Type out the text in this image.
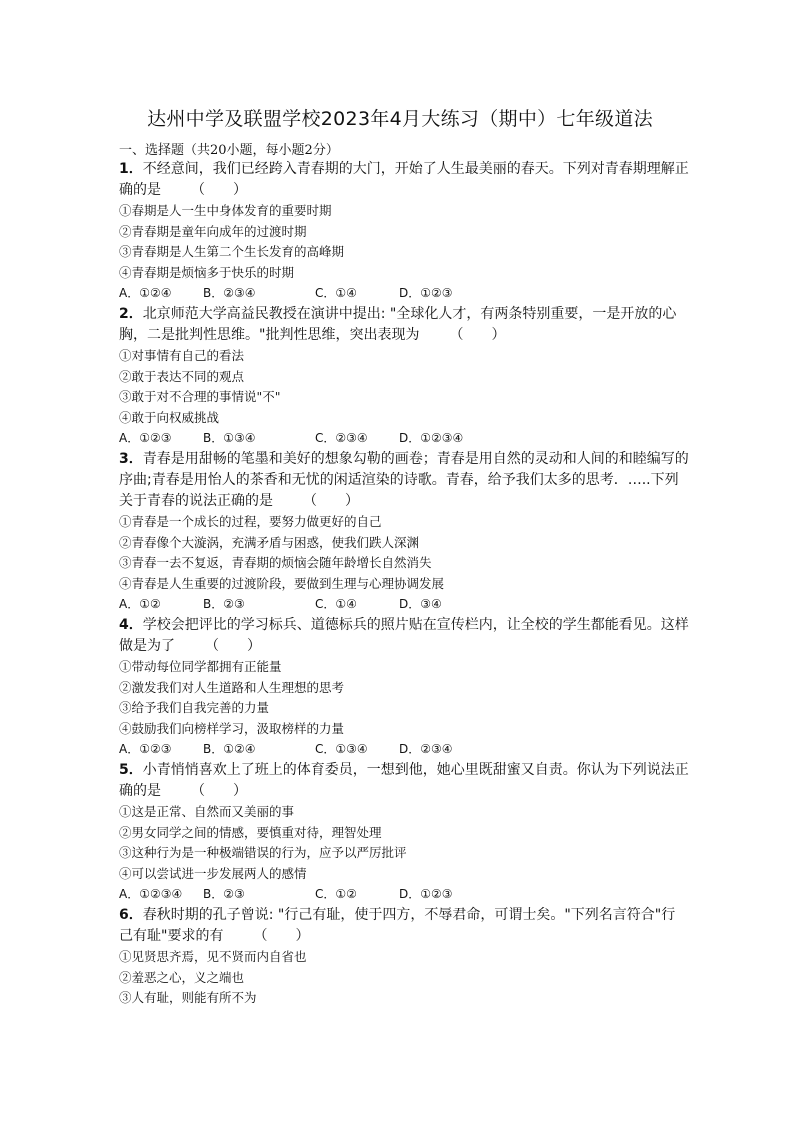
达州中学及联盟学校2023年4月大练习（期中）七年级道法
一、选择题（共20小题，每小题2分）

1．不经意间，我们已经跨入青春期的大门，开始了人生最美丽的春天。下列对青春期理解正确的是 （　　）

①春期是人一生中身体发育的重要时期

②青春期是童年向成年的过渡时期

③青春期是人生第二个生长发育的高峰期

④青春期是烦恼多于快乐的时期

A．①②④	B．②③④	C．①④	D．①②③

2．北京师范大学高益民教授在演讲中提出: "全球化人才，有两条特别重要，一是开放的心胸，二是批判性思维。"批判性思维，突出表现为 （　　）

①对事情有自己的看法

②敢于表达不同的观点

③敢于对不合理的事情说"不"

④敢于向权威挑战

A．①②③	B．①③④	C．②③④	D．①②③④

3．青春是用甜畅的笔墨和美好的想象勾勒的画卷；青春是用自然的灵动和人间的和睦编写的序曲;青春是用怡人的茶香和无忧的闲适渲染的诗歌。青春，给予我们太多的思考．…..下列关于青春的说法正确的是 （　　）

①青春是一个成长的过程，要努力做更好的自己

②青春像个大漩涡，充满矛盾与困惑，使我们跌人深渊

③青春一去不复返，青春期的烦恼会随年龄增长自然消失

④青春是人生重要的过渡阶段，要做到生理与心理协调发展

A．①②	B．②③	C．①④	D．③④

4．学校会把评比的学习标兵、道德标兵的照片贴在宣传栏内，让全校的学生都能看见。这样做是为了 （　　）

①带动每位同学都拥有正能量

②激发我们对人生道路和人生理想的思考

③给予我们自我完善的力量

④鼓励我们向榜样学习，汲取榜样的力量

A．①②③	B．①②④	C．①③④	D．②③④

5．小青悄悄喜欢上了班上的体育委员，一想到他，她心里既甜蜜又自责。你认为下列说法正确的是 （　　）

①这是正常、自然而又美丽的事

②男女同学之间的情感，要慎重对待，理智处理

③这种行为是一种极端错误的行为，应予以严厉批评

④可以尝试进一步发展两人的感情

A．①②③④ B．②③	C．①②	D．①②③

6．春秋时期的孔子曾说: "行己有耻，使于四方，不辱君命，可谓士矣。"下列名言符合"行己有耻"要求的有 （　　）

①见贤思齐焉，见不贤而内自省也

②羞恶之心，义之端也

③人有耻，则能有所不为
